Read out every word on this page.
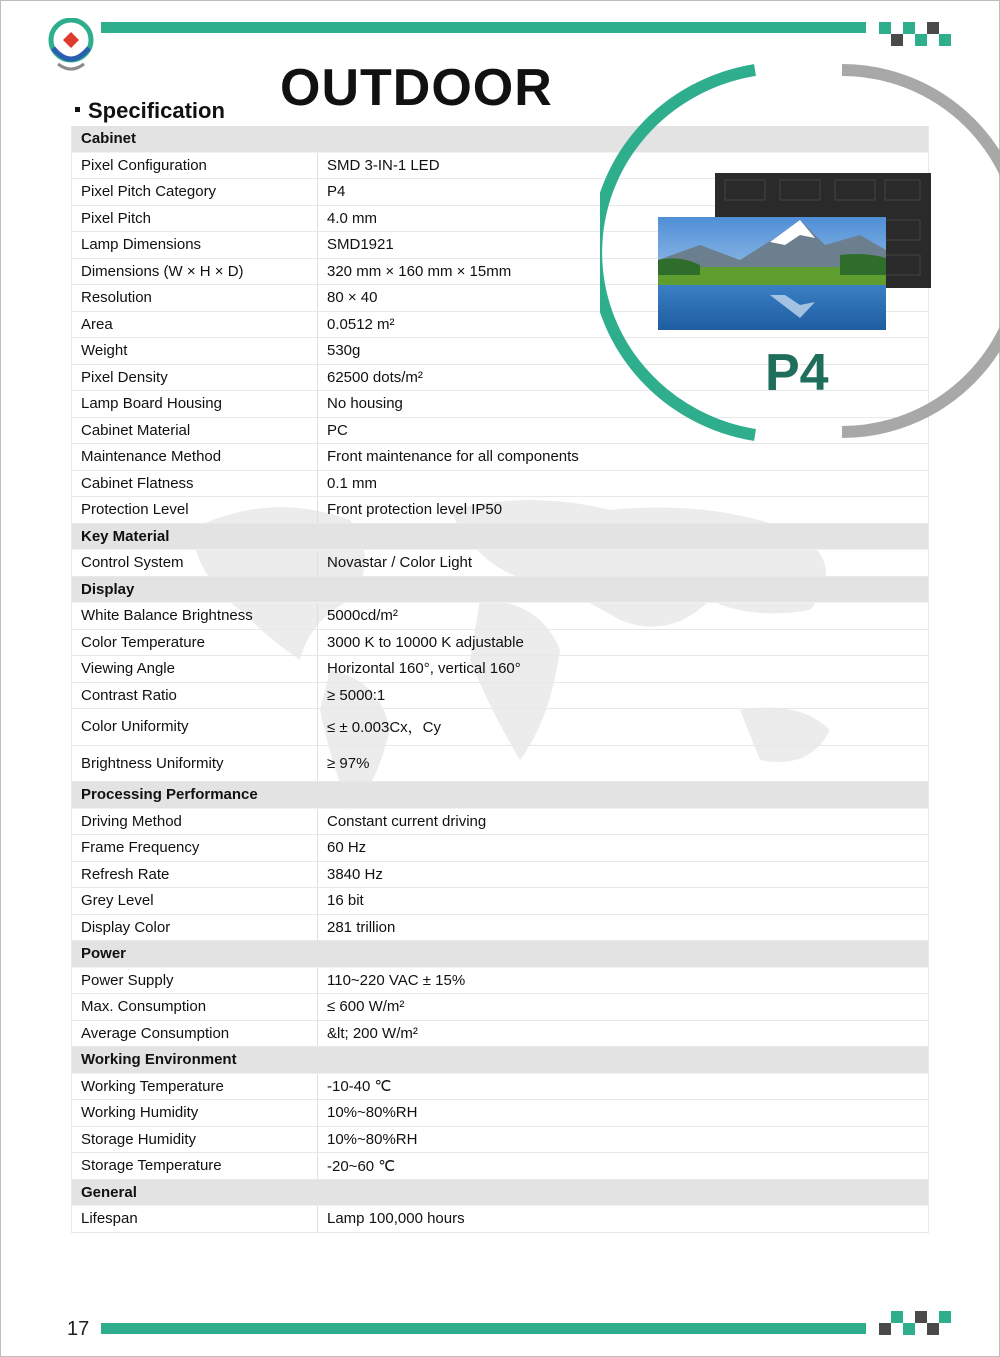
OUTDOOR
Specification
Cabinet	
Pixel Configuration	SMD 3-IN-1 LED
Pixel Pitch Category	P4
Pixel Pitch	4.0 mm
Lamp Dimensions	SMD1921
Dimensions (W × H × D)	320 mm × 160 mm × 15mm
Resolution	80 × 40
Area	0.0512 m²
Weight	530g
Pixel Density	62500 dots/m²
Lamp Board Housing	No housing
Cabinet Material	PC
Maintenance Method	Front maintenance for all components
Cabinet Flatness	0.1 mm
Protection Level	Front protection level IP50
Key Material	
Control System	Novastar / Color Light
Display	
White Balance Brightness	5000cd/m²
Color Temperature	3000 K to 10000 K adjustable
Viewing Angle	Horizontal 160°, vertical 160°
Contrast Ratio	≥ 5000:1
Color Uniformity	≤ ± 0.003Cx，Cy
Brightness Uniformity	≥ 97%
Processing Performance	
Driving Method	Constant current driving
Frame Frequency	60 Hz
Refresh Rate	3840 Hz
Grey Level	16 bit
Display Color	281 trillion
Power	
Power Supply	110~220 VAC ± 15%
Max. Consumption	≤ 600 W/m²
Average Consumption	&lt; 200 W/m²
Working Environment	
Working Temperature	-10-40 ℃
Working Humidity	10%~80%RH
Storage Humidity	10%~80%RH
Storage Temperature	-20~60 ℃
General	
Lifespan	Lamp 100,000 hours
P4
17
